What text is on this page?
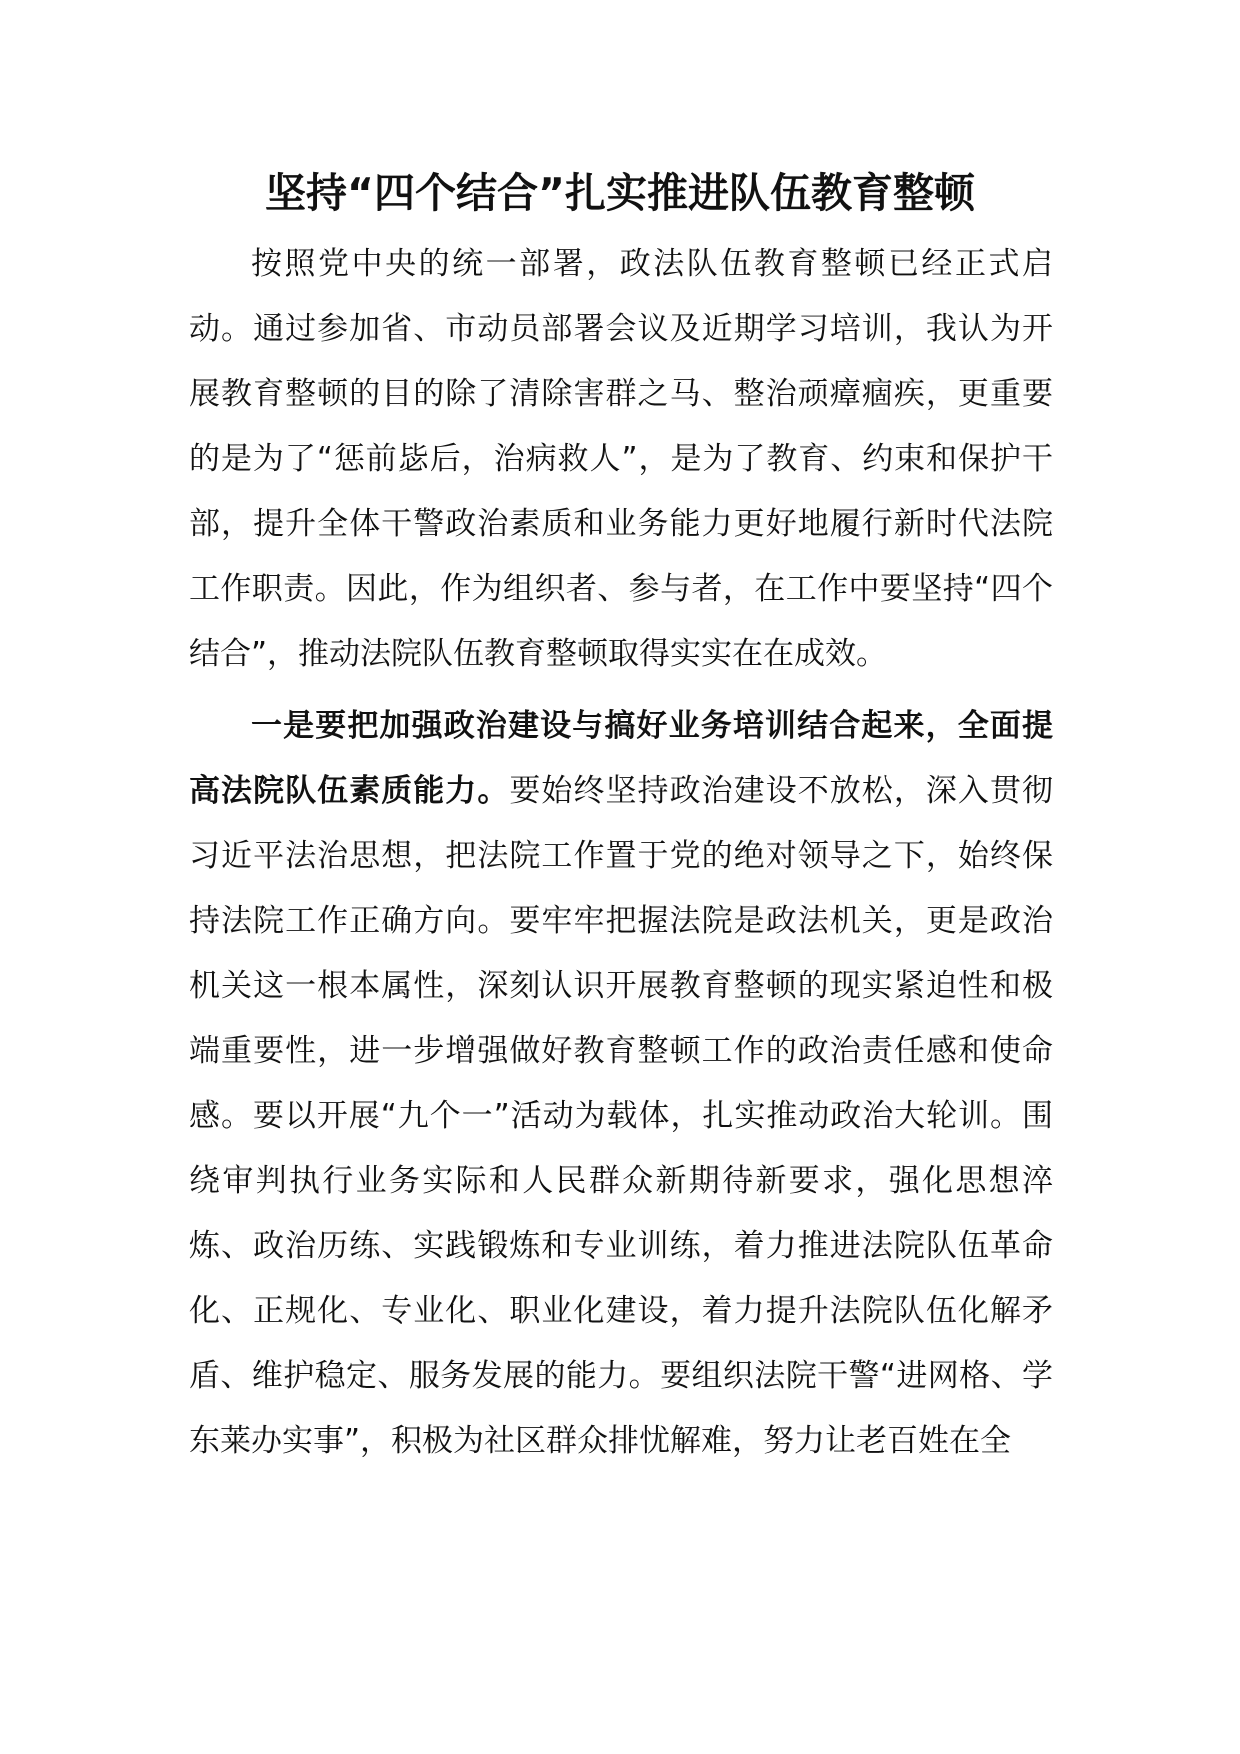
坚持“四个结合”扎实推进队伍教育整顿

按照党中央的统一部署，政法队伍教育整顿已经正式启动。通过参加省、市动员部署会议及近期学习培训，我认为开展教育整顿的目的除了清除害群之马、整治顽瘴痼疾，更重要的是为了“惩前毖后，治病救人”，是为了教育、约束和保护干部，提升全体干警政治素质和业务能力更好地履行新时代法院工作职责。因此，作为组织者、参与者，在工作中要坚持“四个结合”，推动法院队伍教育整顿取得实实在在成效。

一是要把加强政治建设与搞好业务培训结合起来，全面提高法院队伍素质能力。要始终坚持政治建设不放松，深入贯彻习近平法治思想，把法院工作置于党的绝对领导之下，始终保持法院工作正确方向。要牢牢把握法院是政法机关，更是政治机关这一根本属性，深刻认识开展教育整顿的现实紧迫性和极端重要性，进一步增强做好教育整顿工作的政治责任感和使命感。要以开展“九个一”活动为载体，扎实推动政治大轮训。围绕审判执行业务实际和人民群众新期待新要求，强化思想淬炼、政治历练、实践锻炼和专业训练，着力推进法院队伍革命化、正规化、专业化、职业化建设，着力提升法院队伍化解矛盾、维护稳定、服务发展的能力。要组织法院干警“进网格、学东莱办实事”，积极为社区群众排忧解难，努力让老百姓在全
